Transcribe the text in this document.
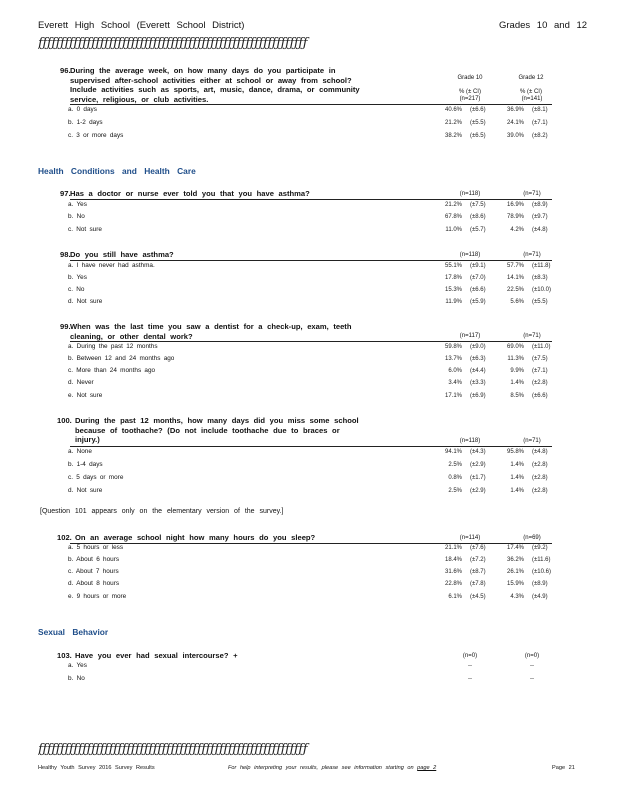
Everett High School (Everett School District)	Grades 10 and 12
ƒƒƒƒƒƒƒƒƒƒƒƒƒƒƒƒƒƒƒƒƒƒƒƒƒƒƒƒƒƒƒƒƒƒƒƒƒƒƒƒƒƒƒƒƒƒƒƒƒƒƒƒƒƒƒƒƒƒƒƒƒ
96. During the average week, on how many days do you participate in supervised after-school activities either at school or away from school? Include activities such as sports, art, music, dance, drama, or community service, religious, or club activities.
Grade 10	Grade 12
% (± CI)	% (± CI)
(n=217)	(n=141)
a. 0 days	40.6% (±6.6)	36.9% (±8.1)
b. 1-2 days	21.2% (±5.5)	24.1% (±7.1)
c. 3 or more days	38.2% (±6.5)	39.0% (±8.2)
Health Conditions and Health Care
97. Has a doctor or nurse ever told you that you have asthma?	(n=118)	(n=71)
a. Yes	21.2% (±7.5)	16.9% (±8.9)
b. No	67.8% (±8.6)	78.9% (±9.7)
c. Not sure	11.0% (±5.7)	4.2% (±4.8)
98. Do you still have asthma?	(n=118)	(n=71)
a. I have never had asthma.	55.1% (±9.1)	57.7% (±11.8)
b. Yes	17.8% (±7.0)	14.1% (±8.3)
c. No	15.3% (±6.6)	22.5% (±10.0)
d. Not sure	11.9% (±5.9)	5.6% (±5.5)
99. When was the last time you saw a dentist for a check-up, exam, teeth cleaning, or other dental work?	(n=117)	(n=71)
a. During the past 12 months	59.8% (±9.0)	69.0% (±11.0)
b. Between 12 and 24 months ago	13.7% (±6.3)	11.3% (±7.5)
c. More than 24 months ago	6.0% (±4.4)	9.9% (±7.1)
d. Never	3.4% (±3.3)	1.4% (±2.8)
e. Not sure	17.1% (±6.9)	8.5% (±6.6)
100. During the past 12 months, how many days did you miss some school because of toothache? (Do not include toothache due to braces or injury.)	(n=118)	(n=71)
a. None	94.1% (±4.3)	95.8% (±4.8)
b. 1-4 days	2.5% (±2.9)	1.4% (±2.8)
c. 5 days or more	0.8% (±1.7)	1.4% (±2.8)
d. Not sure	2.5% (±2.9)	1.4% (±2.8)
[Question 101 appears only on the elementary version of the survey.]
102. On an average school night how many hours do you sleep?	(n=114)	(n=69)
a. 5 hours or less	21.1% (±7.6)	17.4% (±9.2)
b. About 6 hours	18.4% (±7.2)	36.2% (±11.6)
c. About 7 hours	31.6% (±8.7)	26.1% (±10.6)
d. About 8 hours	22.8% (±7.8)	15.9% (±8.9)
e. 9 hours or more	6.1% (±4.5)	4.3% (±4.9)
Sexual Behavior
103. Have you ever had sexual intercourse? +	(n=0)	(n=0)
a. Yes	--	--
b. No	--	--
ƒƒƒƒƒƒƒƒƒƒƒƒƒƒƒƒƒƒƒƒƒƒƒƒƒƒƒƒƒƒƒƒƒƒƒƒƒƒƒƒƒƒƒƒƒƒƒƒƒƒƒƒƒƒƒƒƒƒƒƒƒ
Healthy Youth Survey 2016 Survey Results	For help interpreting your results, please see information starting on page 2	Page 21
